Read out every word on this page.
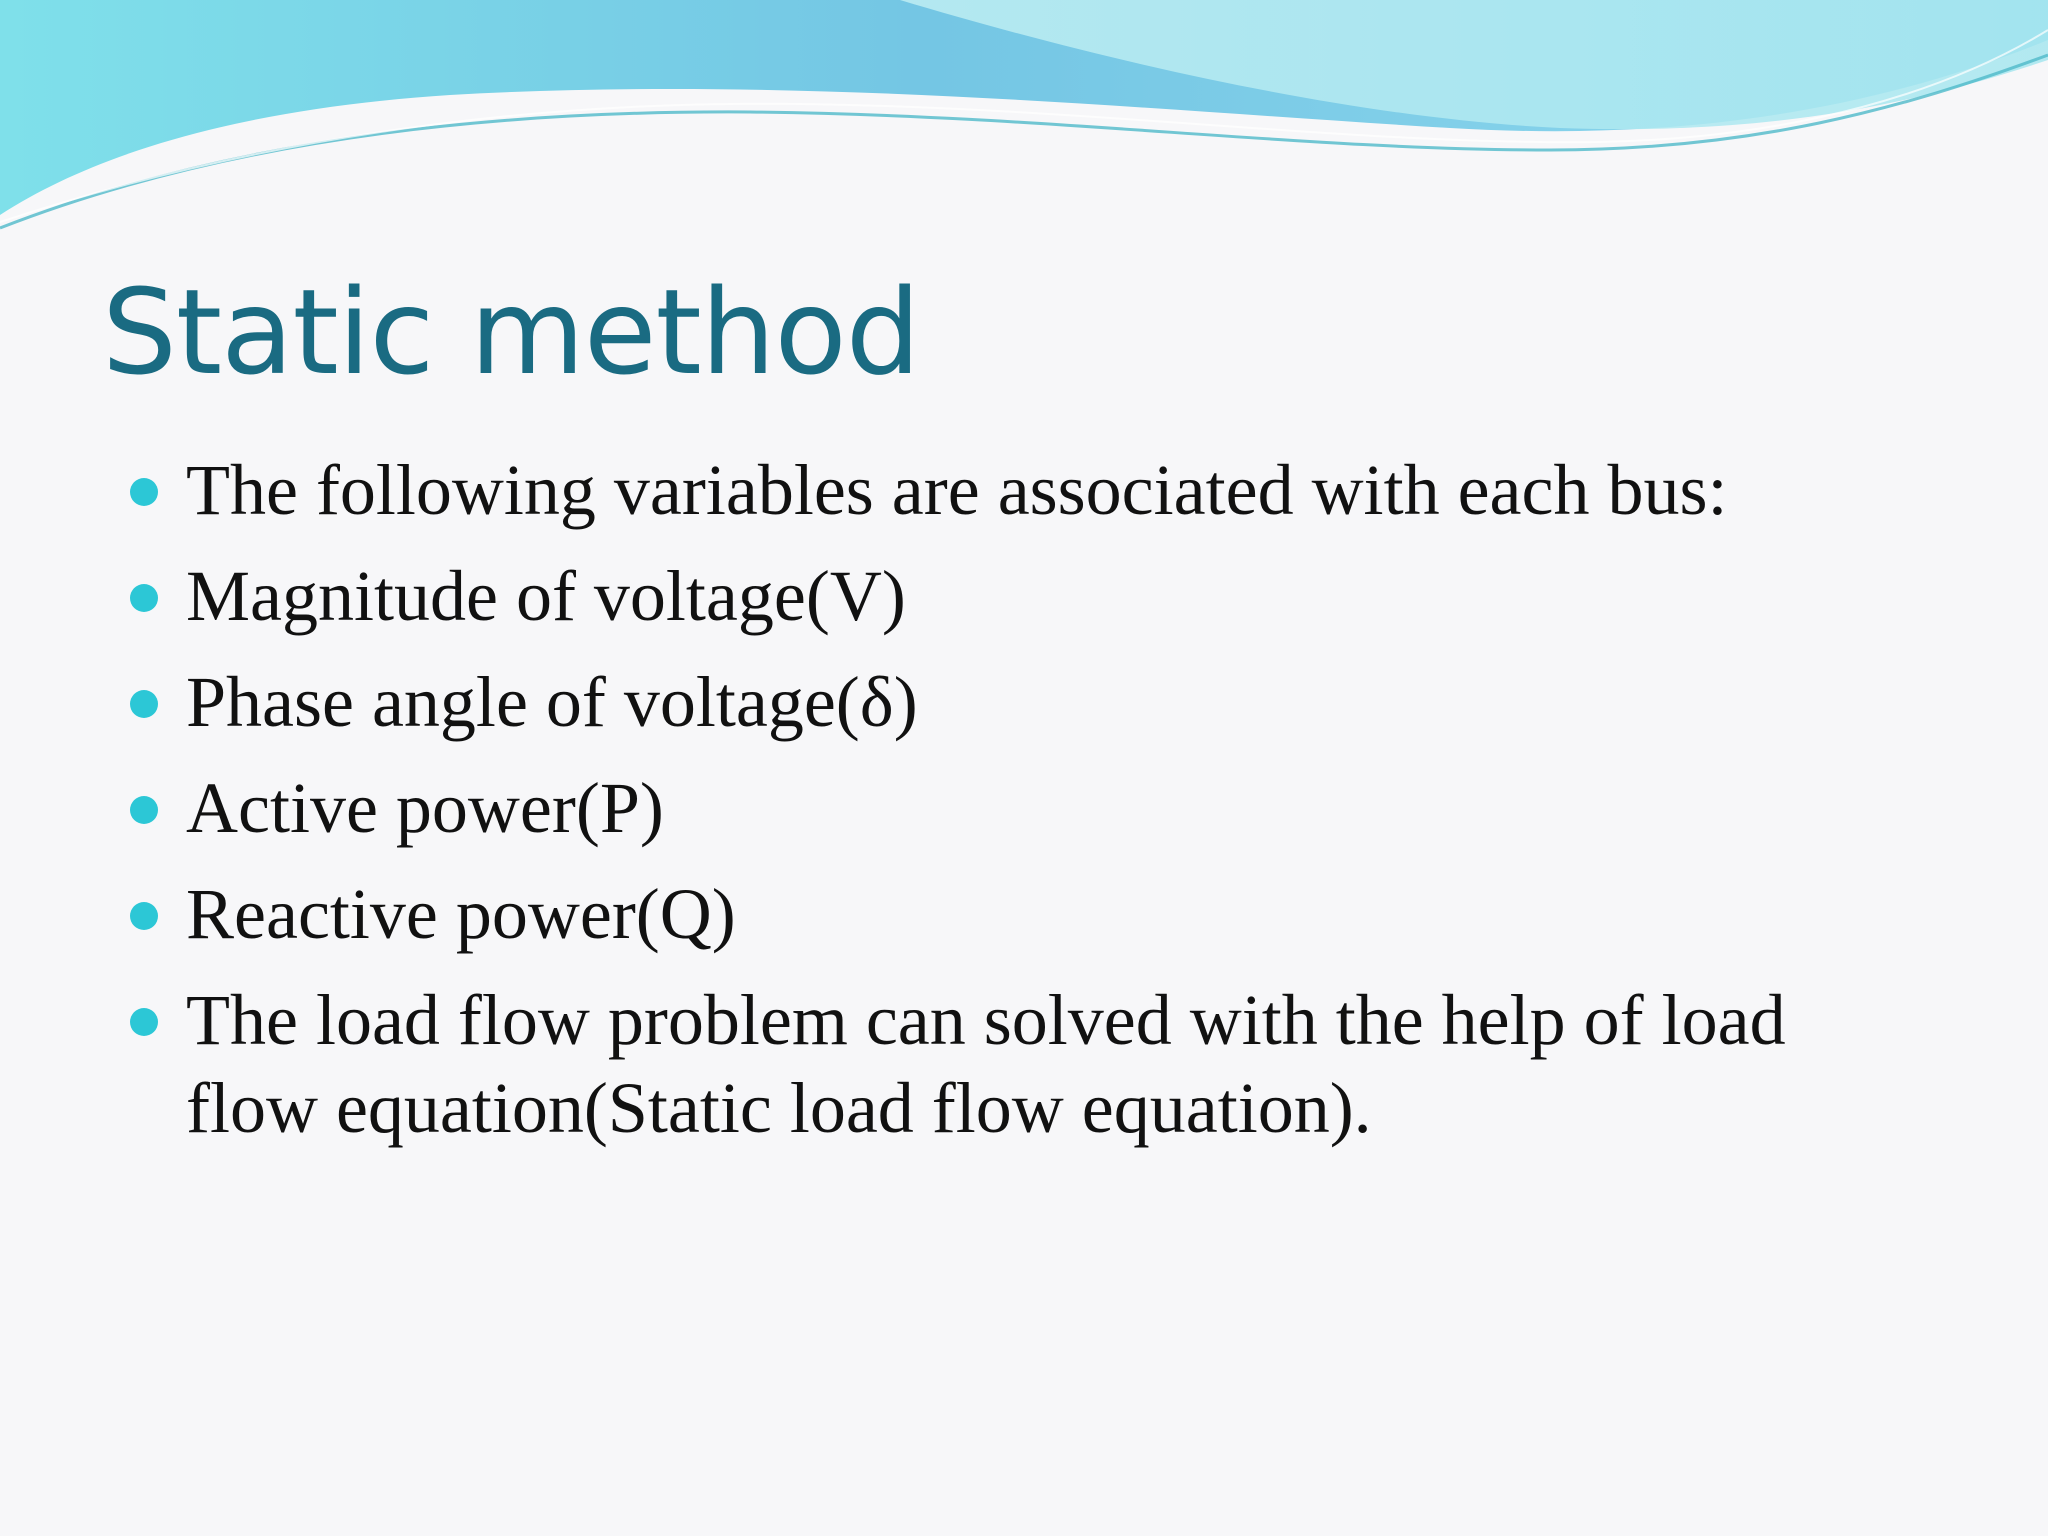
Static method
The following variables are associated with each bus:
Magnitude of voltage(V)
Phase angle of voltage(δ)
Active power(P)
Reactive power(Q)
The load flow problem can solved with the help of load flow equation(Static load flow equation).
